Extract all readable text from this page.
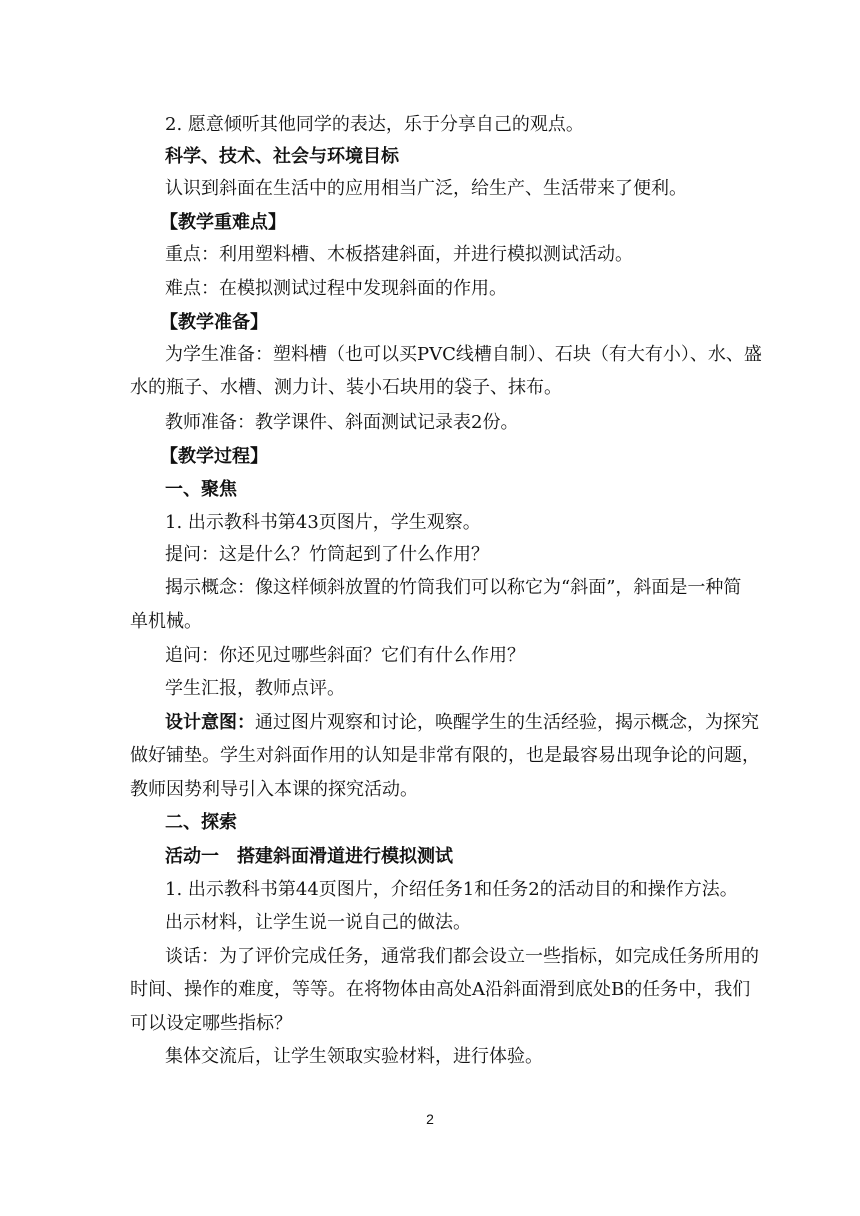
2. 愿意倾听其他同学的表达，乐于分享自己的观点。
科学、技术、社会与环境目标
认识到斜面在生活中的应用相当广泛，给生产、生活带来了便利。
【教学重难点】
重点：利用塑料槽、木板搭建斜面，并进行模拟测试活动。
难点：在模拟测试过程中发现斜面的作用。
【教学准备】
为学生准备：塑料槽（也可以买PVC线槽自制）、石块（有大有小）、水、盛
水的瓶子、水槽、测力计、装小石块用的袋子、抹布。
教师准备：教学课件、斜面测试记录表2份。
【教学过程】
一、聚焦
1. 出示教科书第43页图片，学生观察。
提问：这是什么？竹筒起到了什么作用？
揭示概念：像这样倾斜放置的竹筒我们可以称它为“斜面”，斜面是一种简
单机械。
追问：你还见过哪些斜面？它们有什么作用？
学生汇报，教师点评。
设计意图：通过图片观察和讨论，唤醒学生的生活经验，揭示概念，为探究
做好铺垫。学生对斜面作用的认知是非常有限的，也是最容易出现争论的问题，
教师因势利导引入本课的探究活动。
二、探索
活动一　搭建斜面滑道进行模拟测试
1. 出示教科书第44页图片，介绍任务1和任务2的活动目的和操作方法。
出示材料，让学生说一说自己的做法。
谈话：为了评价完成任务，通常我们都会设立一些指标，如完成任务所用的
时间、操作的难度，等等。在将物体由高处A沿斜面滑到底处B的任务中，我们
可以设定哪些指标？
集体交流后，让学生领取实验材料，进行体验。
2
